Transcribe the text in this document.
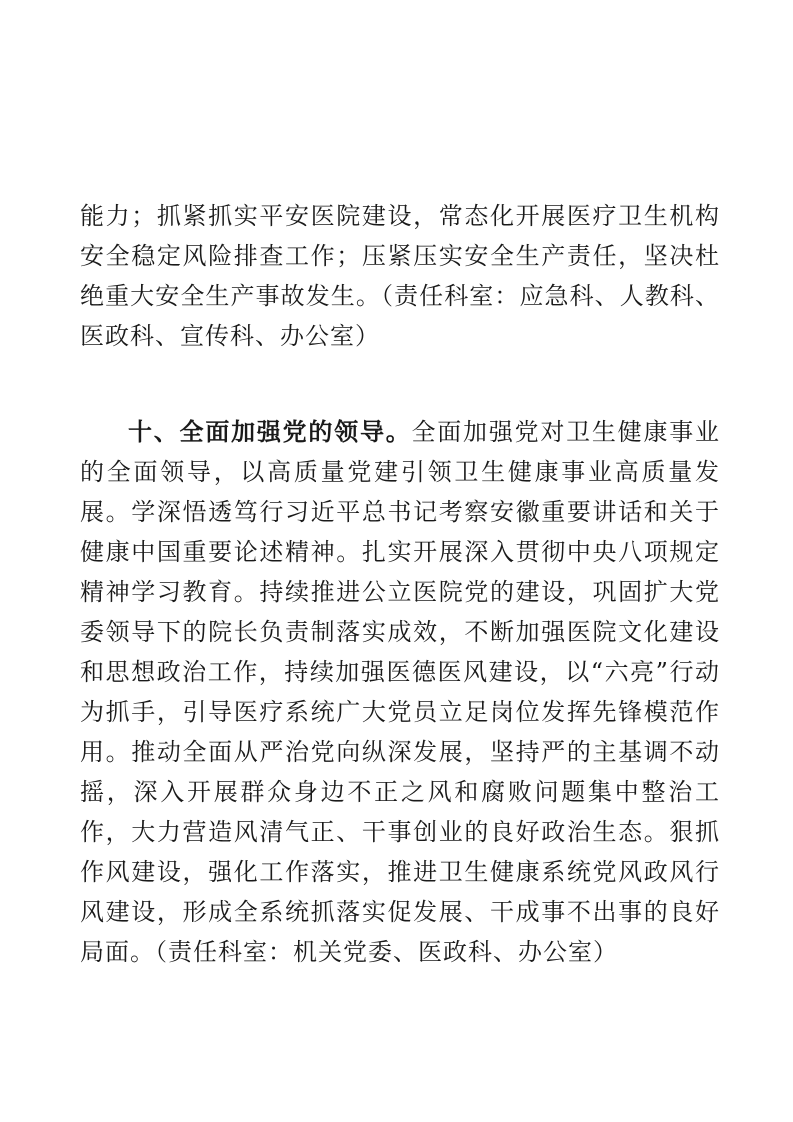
能力；抓紧抓实平安医院建设，常态化开展医疗卫生机构安全稳定风险排查工作；压紧压实安全生产责任，坚决杜绝重大安全生产事故发生。（责任科室：应急科、人教科、医政科、宣传科、办公室）

十、全面加强党的领导。全面加强党对卫生健康事业的全面领导，以高质量党建引领卫生健康事业高质量发展。学深悟透笃行习近平总书记考察安徽重要讲话和关于健康中国重要论述精神。扎实开展深入贯彻中央八项规定精神学习教育。持续推进公立医院党的建设，巩固扩大党委领导下的院长负责制落实成效，不断加强医院文化建设和思想政治工作，持续加强医德医风建设，以“六亮”行动为抓手，引导医疗系统广大党员立足岗位发挥先锋模范作用。推动全面从严治党向纵深发展，坚持严的主基调不动摇，深入开展群众身边不正之风和腐败问题集中整治工作，大力营造风清气正、干事创业的良好政治生态。狠抓作风建设，强化工作落实，推进卫生健康系统党风政风行风建设，形成全系统抓落实促发展、干成事不出事的良好局面。（责任科室：机关党委、医政科、办公室）
